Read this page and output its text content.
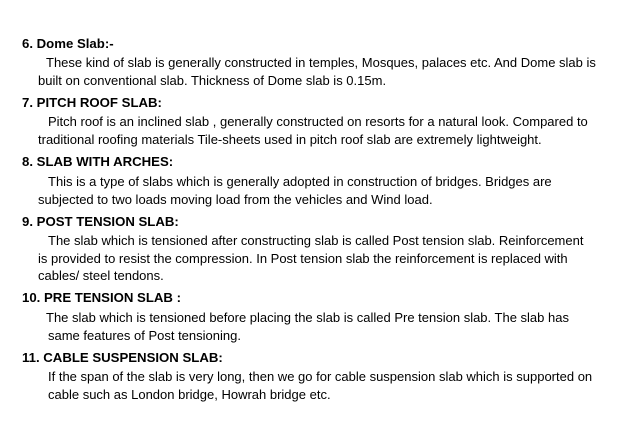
6. Dome Slab:-
These kind of slab is generally constructed in temples, Mosques, palaces etc. And Dome slab is
built on conventional slab. Thickness of Dome slab is 0.15m.
7. PITCH ROOF SLAB:
Pitch roof is an inclined slab , generally constructed on resorts for a natural look. Compared to
traditional roofing materials Tile-sheets used in pitch roof slab are extremely lightweight.
8. SLAB WITH ARCHES:
This is a type of slabs which is generally adopted in construction of bridges. Bridges are
subjected to two loads moving load from the vehicles and Wind load.
9. POST TENSION SLAB:
The slab which is tensioned after constructing slab is called Post tension slab. Reinforcement
is provided to resist the compression. In Post tension slab the reinforcement is replaced with
cables/ steel tendons.
10. PRE TENSION SLAB :
The slab which is tensioned before placing the slab is called Pre tension slab. The slab has
same features of Post tensioning.
11. CABLE SUSPENSION SLAB:
If the span of the slab is very long, then we go for cable suspension slab which is supported on
cable such as London bridge, Howrah bridge etc.
